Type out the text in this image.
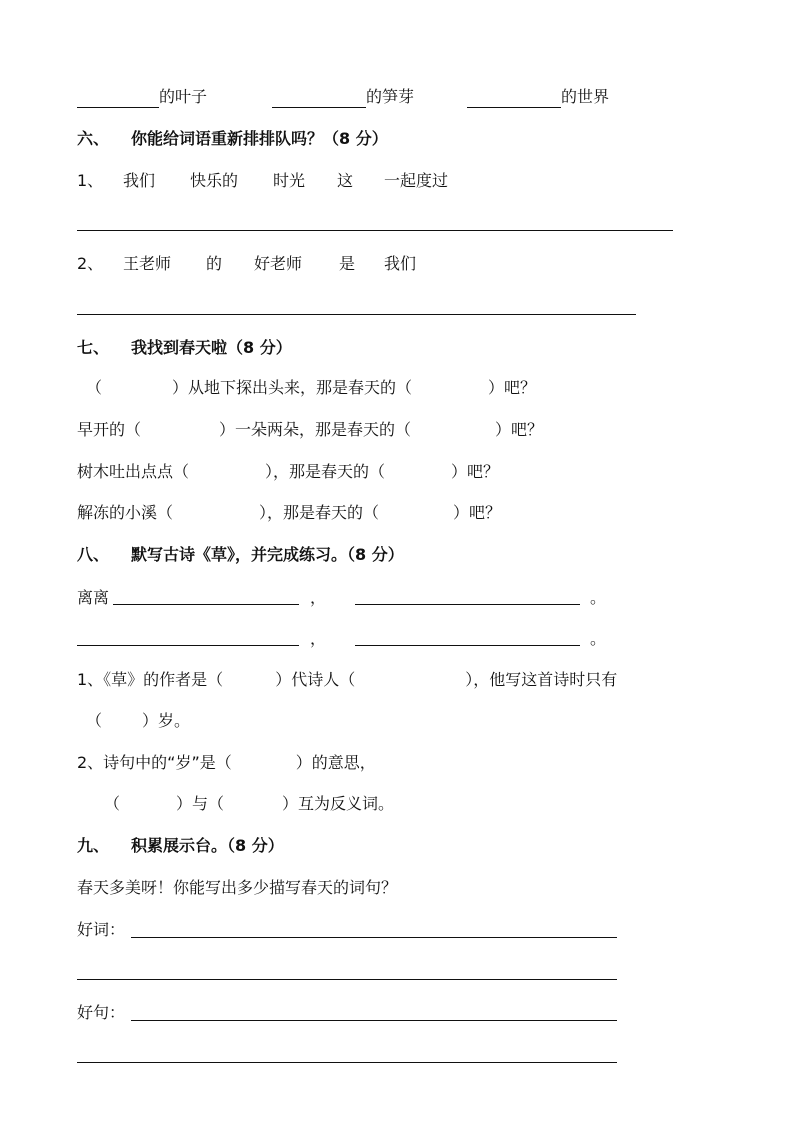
的叶子	的笋芽	的世界
六、 你能给词语重新排排队吗？（8 分）
1、 我们 快乐的 时光 这 一起度过
2、 王老师 的 好老师 是 我们
七、 我找到春天啦（8 分）
（	）从地下探出头来，那是春天的（	）吧？
早开的（	）一朵两朵，那是春天的（	）吧？
树木吐出点点（	），那是春天的（	）吧？
解冻的小溪（	），那是春天的（	）吧？
八、 默写古诗《草》，并完成练习。（8 分）
离离	，	。
，	。
1、《草》的作者是（	）代诗人（	），他写这首诗时只有
（	）岁。
2、诗句中的“岁”是（	）的意思，
（	）与（	）互为反义词。
九、 积累展示台。（8 分）
春天多美呀！你能写出多少描写春天的词句？
好词：
好句：
